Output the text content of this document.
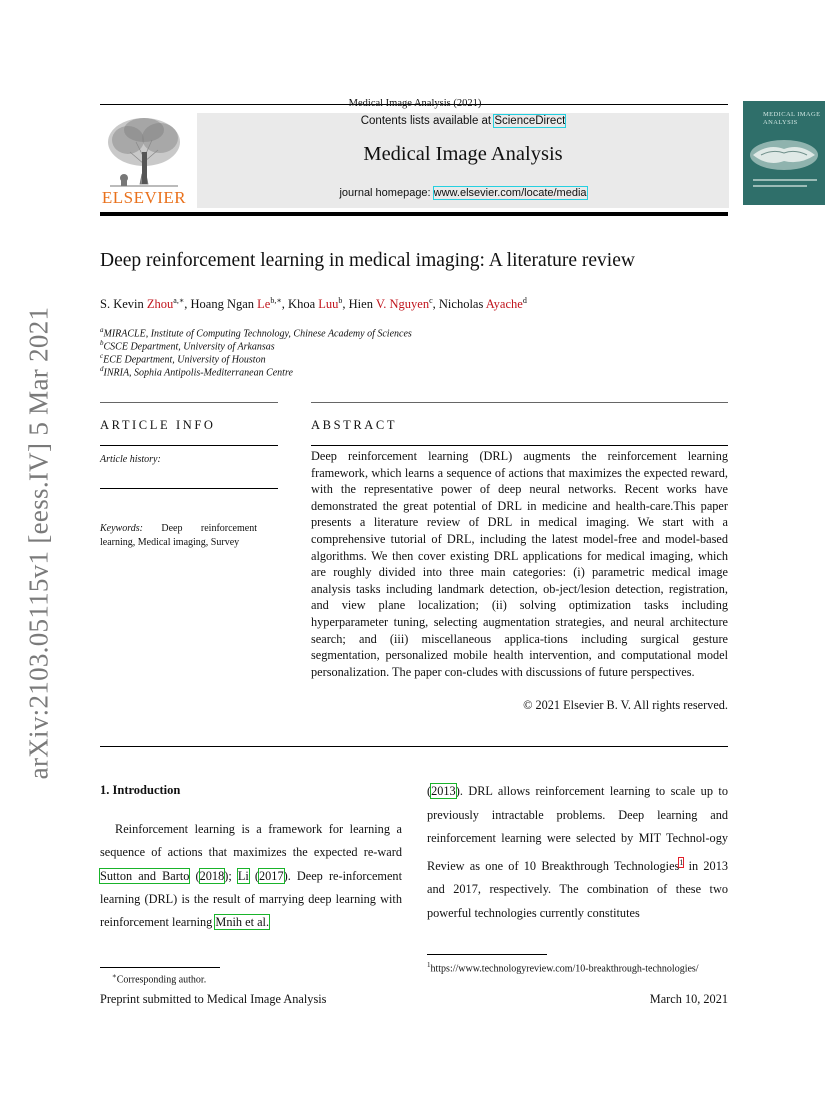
arXiv:2103.05115v1 [eess.IV] 5 Mar 2021
Medical Image Analysis (2021)
Contents lists available at ScienceDirect
Medical Image Analysis
journal homepage: www.elsevier.com/locate/media
ELSEVIER
MEDICAL IMAGE ANALYSIS
Deep reinforcement learning in medical imaging: A literature review
S. Kevin Zhou$^{a,∗}$, Hoang Ngan $Le^{b,∗}$, Khoa Luu$^b$, Hien V. Nguyen$^c$, Nicholas Ayache$^d$
$^a$MIRACLE, Institute of Computing Technology, Chinese Academy of Sciences
$^b$CSCE Department, University of Arkansas
$^c$ECE Department, University of Houston
$^d$INRIA, Sophia Antipolis-Mediterranean Centre
ARTICLE INFO	ABSTRACT
Article history:
Keywords: Deep reinforcement learning, Medical imaging, Survey
Deep reinforcement learning (DRL) augments the reinforcement learning framework, which learns a sequence of actions that maximizes the expected reward, with the representative power of deep neural networks. Recent works have demonstrated the great potential of DRL in medicine and health-care.This paper presents a literature review of DRL in medical imaging. We start with a comprehensive tutorial of DRL, including the latest model-free and model-based algorithms. We then cover existing DRL applications for medical imaging, which are roughly divided into three main categories: (i) parametric medical image analysis tasks including landmark detection, ob-ject/lesion detection, registration, and view plane localization; (ii) solving optimization tasks including hyperparameter tuning, selecting augmentation strategies, and neural architecture search; and (iii) miscellaneous applica-tions including surgical gesture segmentation, personalized mobile health intervention, and computational model personalization. The paper con-cludes with discussions of future perspectives.
© 2021 Elsevier B. V. All rights reserved.
1. Introduction
Reinforcement learning is a framework for learning a sequence of actions that maximizes the expected re-ward Sutton and Barto (2018); Li (2017). Deep re-inforcement learning (DRL) is the result of marrying deep learning with reinforcement learning Mnih et al.
(2013). DRL allows reinforcement learning to scale up to previously intractable problems. Deep learning and reinforcement learning were selected by MIT Technol-ogy Review as one of 10 Breakthrough Technologies$^1$ in 2013 and 2017, respectively. The combination of these two powerful technologies currently constitutes
∗Corresponding author.
$^1$https://www.technologyreview.com/10-breakthrough-technologies/
Preprint submitted to Medical Image Analysis	March 10, 2021
